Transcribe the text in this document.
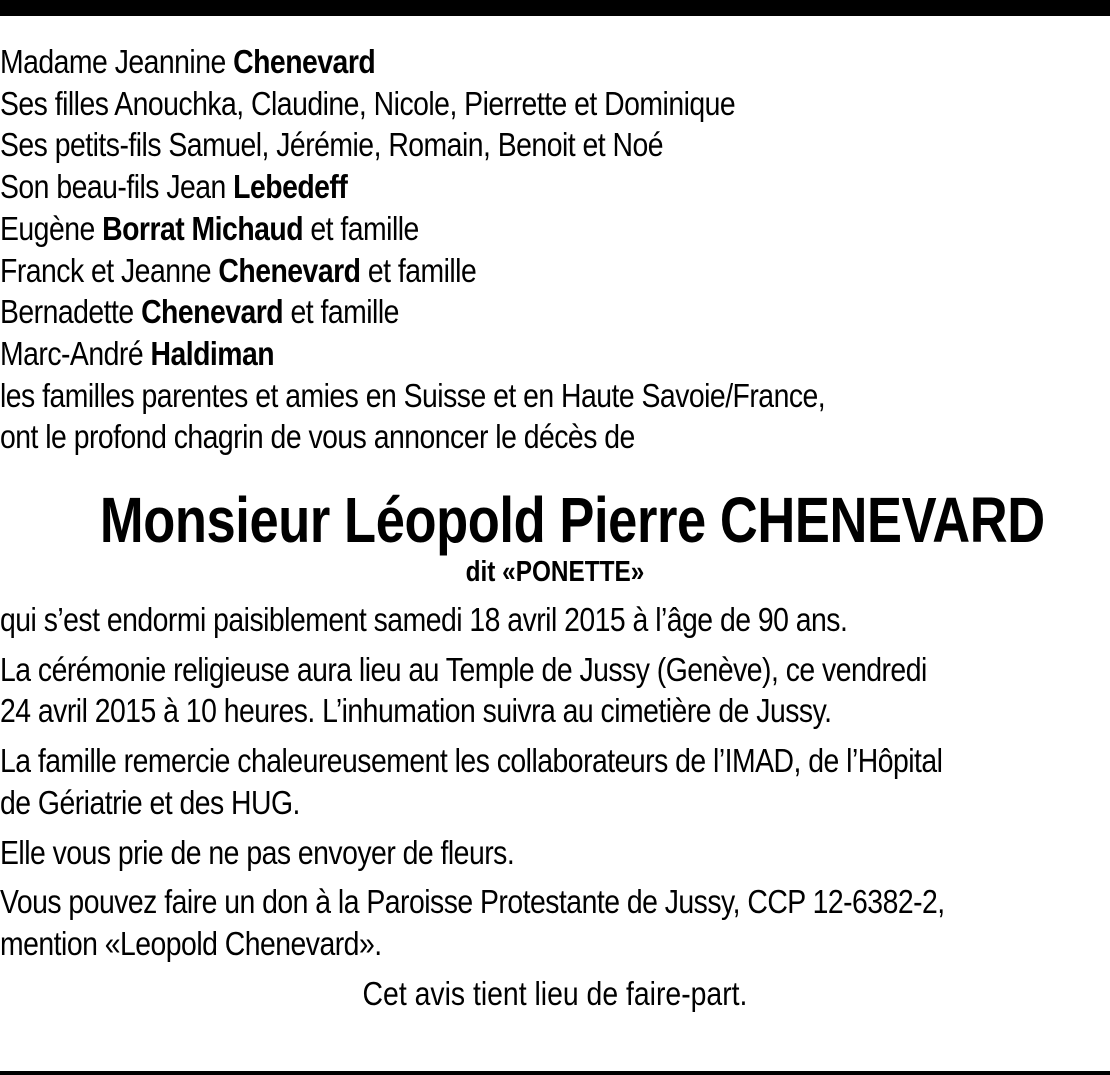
Madame Jeannine Chenevard
Ses filles Anouchka, Claudine, Nicole, Pierrette et Dominique
Ses petits-fils Samuel, Jérémie, Romain, Benoit et Noé
Son beau-fils Jean Lebedeff
Eugène Borrat Michaud et famille
Franck et Jeanne Chenevard et famille
Bernadette Chenevard et famille
Marc-André Haldiman
les familles parentes et amies en Suisse et en Haute Savoie/France,
ont le profond chagrin de vous annoncer le décès de
Monsieur Léopold Pierre CHENEVARD
dit «PONETTE»
qui s’est endormi paisiblement samedi 18 avril 2015 à l’âge de 90 ans.
La cérémonie religieuse aura lieu au Temple de Jussy (Genève), ce vendredi
24 avril 2015 à 10 heures. L’inhumation suivra au cimetière de Jussy.
La famille remercie chaleureusement les collaborateurs de l’IMAD, de l’Hôpital
de Gériatrie et des HUG.
Elle vous prie de ne pas envoyer de fleurs.
Vous pouvez faire un don à la Paroisse Protestante de Jussy, CCP 12-6382-2,
mention «Leopold Chenevard».
Cet avis tient lieu de faire-part.
